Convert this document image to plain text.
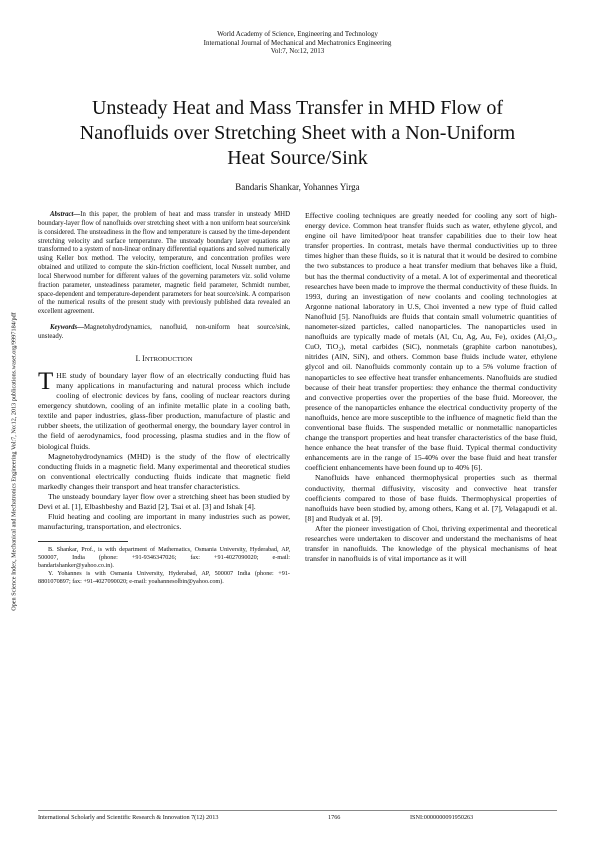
World Academy of Science, Engineering and Technology
International Journal of Mechanical and Mechatronics Engineering
Vol:7, No:12, 2013
Unsteady Heat and Mass Transfer in MHD Flow of Nanofluids over Stretching Sheet with a Non-Uniform Heat Source/Sink
Bandaris Shankar, Yohannes Yirga
Open Science Index, Mechanical and Mechatronics Engineering Vol:7, No:12, 2013 publications.waset.org/9997184/pdf

Abstract—In this paper, the problem of heat and mass transfer in unsteady MHD boundary-layer flow of nanofluids over stretching sheet with a non uniform heat source/sink is considered. The unsteadiness in the flow and temperature is caused by the time-dependent stretching velocity and surface temperature. The unsteady boundary layer equations are transformed to a system of non-linear ordinary differential equations and solved numerically using Keller box method. The velocity, temperature, and concentration profiles were obtained and utilized to compute the skin-friction coefficient, local Nusselt number, and local Sherwood number for different values of the governing parameters viz. solid volume fraction parameter, unsteadiness parameter, magnetic field parameter, Schmidt number, space-dependent and temperature-dependent parameters for heat source/sink. A comparison of the numerical results of the present study with previously published data revealed an excellent agreement.

Keywords—Magnetohydrodynamics, nanofluid, non-uniform heat source/sink, unsteady.

I. INTRODUCTION

THE study of boundary layer flow of an electrically conducting fluid has many applications in manufacturing and natural process which include cooling of electronic devices by fans, cooling of nuclear reactors during emergency shutdown, cooling of an infinite metallic plate in a cooling bath, textile and paper industries, glass-fiber production, manufacture of plastic and rubber sheets, the utilization of geothermal energy, the boundary layer control in the field of aerodynamics, food processing, plasma studies and in the flow of biological fluids.

Magnetohydrodynamics (MHD) is the study of the flow of electrically conducting fluids in a magnetic field. Many experimental and theoretical studies on conventional electrically conducting fluids indicate that magnetic field markedly changes their transport and heat transfer characteristics.

The unsteady boundary layer flow over a stretching sheet has been studied by Devi et al. [1], Elbashbeshy and Bazid [2], Tsai et al. [3] and Ishak [4].

Fluid heating and cooling are important in many industries such as power, manufacturing, transportation, and electronics.

B. Shankar, Prof., is with department of Mathematics, Osmania University, Hyderabad, AP, 500007, India (phone: +91-9346347026; fax: +91-4027090020; e-mail: bandarishanker@yahoo.co.in).

Y. Yohannes is with Osmania University, Hyderabad, AP, 500007 India (phone: +91-8801070897; fax: +91-4027090020; e-mail: yoahannesolbin@yahoo.com).

Effective cooling techniques are greatly needed for cooling any sort of high-energy device. Common heat transfer fluids such as water, ethylene glycol, and engine oil have limited/poor heat transfer capabilities due to their low heat transfer properties. In contrast, metals have thermal conductivities up to three times higher than these fluids, so it is natural that it would be desired to combine the two substances to produce a heat transfer medium that behaves like a fluid, but has the thermal conductivity of a metal. A lot of experimental and theoretical researches have been made to improve the thermal conductivity of these fluids. In 1993, during an investigation of new coolants and cooling technologies at Argonne national laboratory in U.S, Choi invented a new type of fluid called Nanofluid [5]. Nanofluids are fluids that contain small volumetric quantities of nanometer-sized particles, called nanoparticles. The nanoparticles used in nanofluids are typically made of metals (Al, Cu, Ag, Au, Fe), oxides (Al₂O₃, CuO, TiO₂), metal carbides (SiC), nonmetals (graphite carbon nanotubes), nitrides (AlN, SiN), and others. Common base fluids include water, ethylene glycol and oil. Nanofluids commonly contain up to a 5% volume fraction of nanoparticles to see effective heat transfer enhancements. Nanofluids are studied because of their heat transfer properties: they enhance the thermal conductivity and convective properties over the properties of the base fluid. Moreover, the presence of the nanoparticles enhance the electrical conductivity property of the nanofluids, hence are more susceptible to the influence of magnetic field than the conventional base fluids. The suspended metallic or nonmetallic nanoparticles change the transport properties and heat transfer characteristics of the base fluid, hence enhance the heat transfer of the base fluid. Typical thermal conductivity enhancements are in the range of 15-40% over the base fluid and heat transfer coefficient enhancements have been found up to 40% [6].

Nanofluids have enhanced thermophysical properties such as thermal conductivity, thermal diffusivity, viscosity and convective heat transfer coefficients compared to those of base fluids. Thermophysical properties of nanofluids have been studied by, among others, Kang et al. [7], Velagapudi et al. [8] and Rudyak et al. [9].

After the pioneer investigation of Choi, thriving experimental and theoretical researches were undertaken to discover and understand the mechanisms of heat transfer in nanofluids. The knowledge of the physical mechanisms of heat transfer in nanofluids is of vital importance as it will

International Scholarly and Scientific Research & Innovation 7(12) 2013	1766	ISNI:0000000091950263
